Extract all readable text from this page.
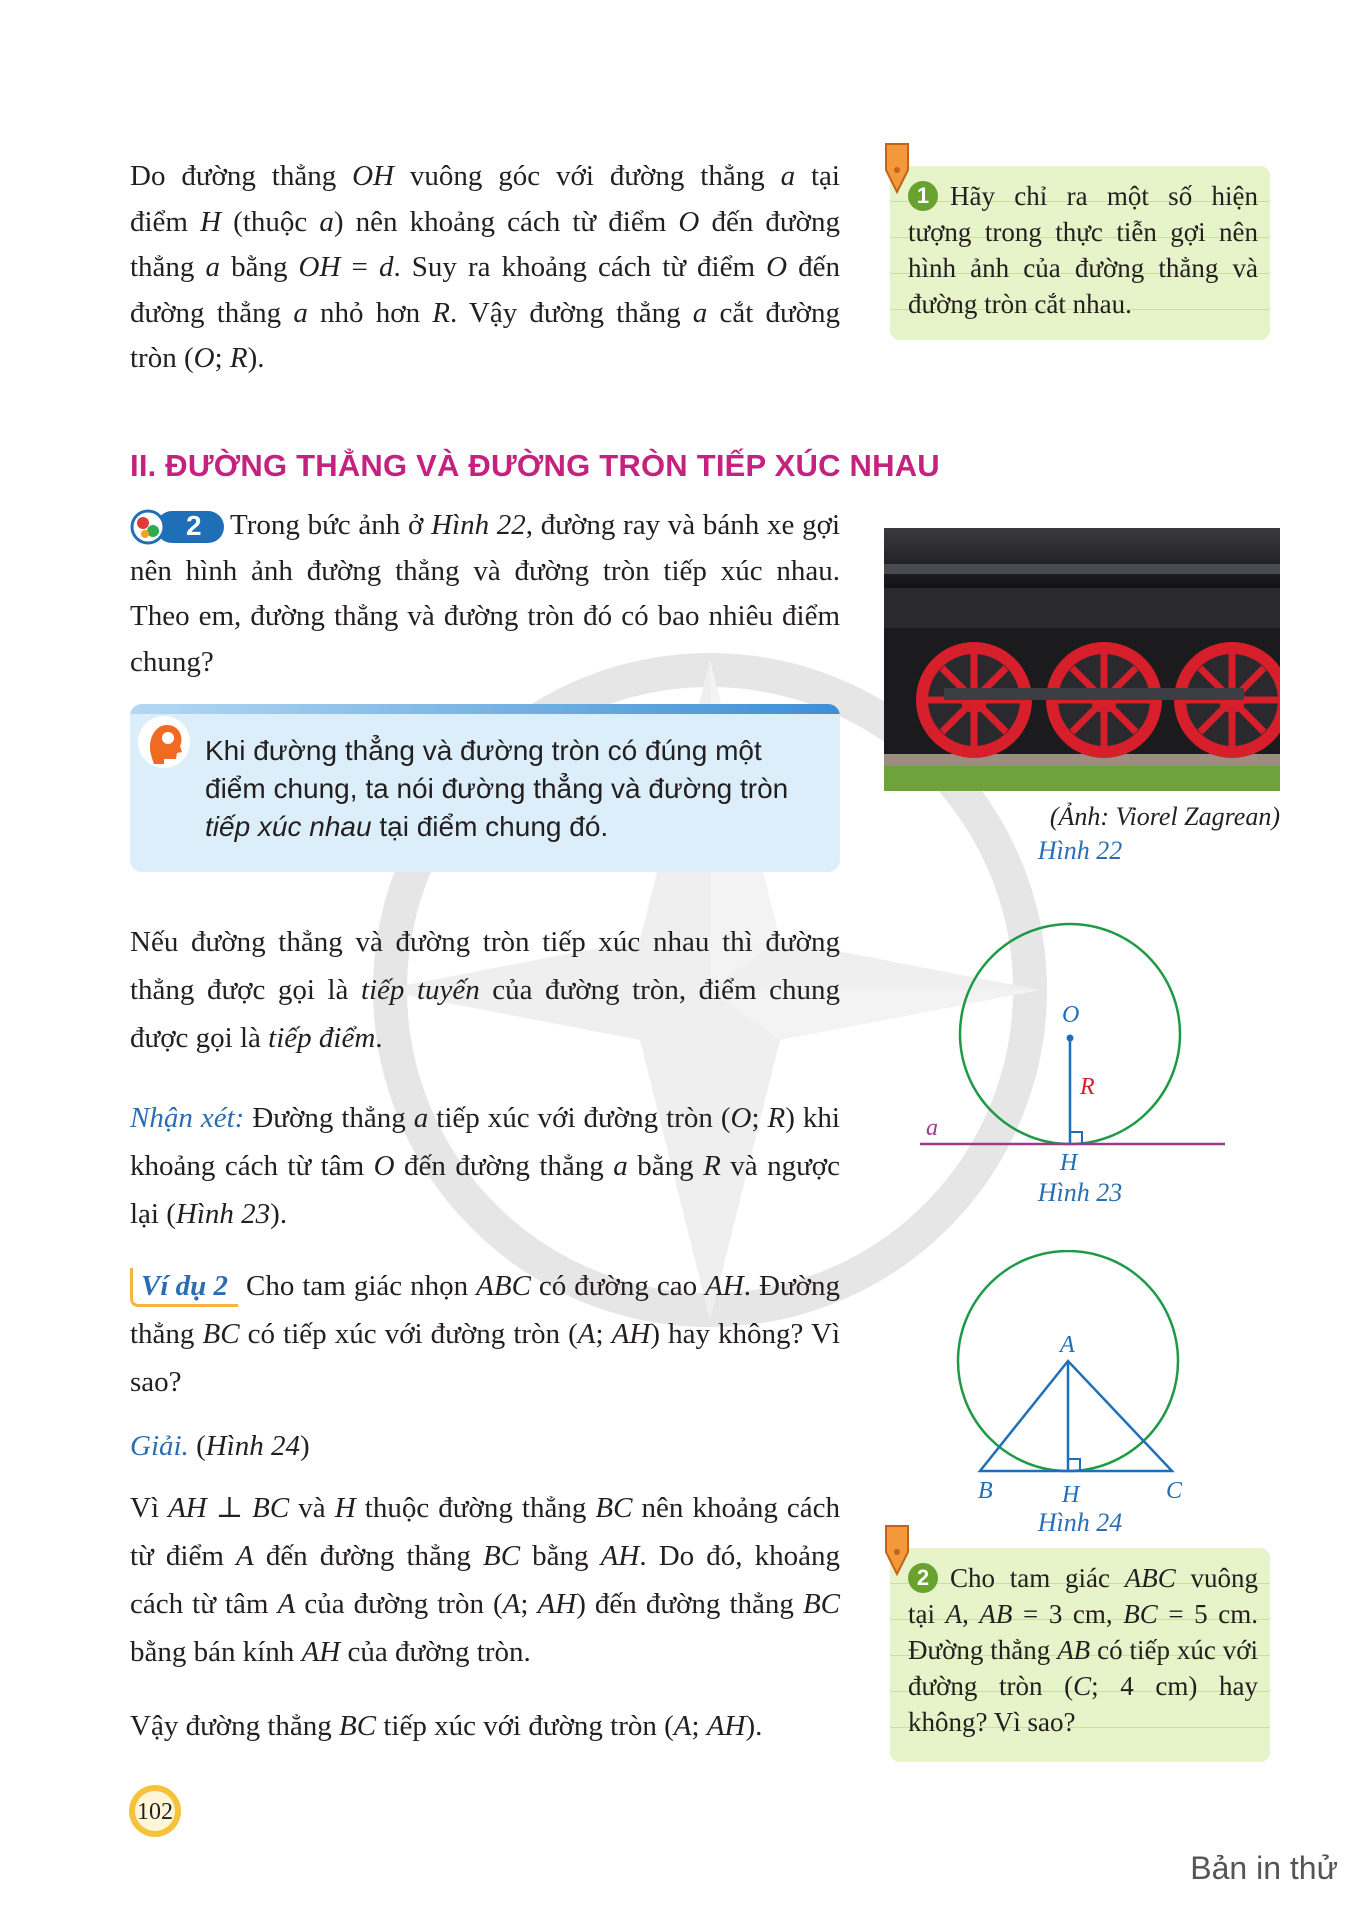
Do đường thẳng OH vuông góc với đường thẳng a tại
điểm H (thuộc a) nên khoảng cách từ điểm O đến đường
thẳng a bằng OH = d. Suy ra khoảng cách từ điểm O đến
đường thẳng a nhỏ hơn R. Vậy đường thẳng a cắt đường
tròn (O; R).
1 Hãy chỉ ra một số hiện tượng trong thực tiễn gợi nên hình ảnh của đường thẳng và đường tròn cắt nhau.
II. ĐƯỜNG THẲNG VÀ ĐƯỜNG TRÒN TIẾP XÚC NHAU
2 Trong bức ảnh ở Hình 22, đường ray và bánh xe gợi nên hình ảnh đường thẳng và đường tròn tiếp xúc nhau. Theo em, đường thẳng và đường tròn đó có bao nhiêu điểm chung?
Khi đường thẳng và đường tròn có đúng một điểm chung, ta nói đường thẳng và đường tròn tiếp xúc nhau tại điểm chung đó.	(Ảnh: Viorel Zagrean)
Hình 22
Nếu đường thẳng và đường tròn tiếp xúc nhau thì đường thẳng được gọi là tiếp tuyến của đường tròn, điểm chung được gọi là tiếp điểm.
Nhận xét: Đường thẳng a tiếp xúc với đường tròn (O; R) khi khoảng cách từ tâm O đến đường thẳng a bằng R và ngược lại (Hình 23).
O
R
a
H
Hình 23
Ví dụ 2 Cho tam giác nhọn ABC có đường cao AH. Đường thẳng BC có tiếp xúc với đường tròn (A; AH) hay không? Vì sao?
Giải. (Hình 24)
Vì AH ⊥ BC và H thuộc đường thẳng BC nên khoảng cách từ điểm A đến đường thẳng BC bằng AH. Do đó, khoảng cách từ tâm A của đường tròn (A; AH) đến đường thẳng BC bằng bán kính AH của đường tròn.
Vậy đường thẳng BC tiếp xúc với đường tròn (A; AH).
A
B	H	C
Hình 24
2 Cho tam giác ABC vuông tại A, AB = 3 cm, BC = 5 cm. Đường thẳng AB có tiếp xúc với đường tròn (C; 4 cm) hay không? Vì sao?
102
Bản in thử
